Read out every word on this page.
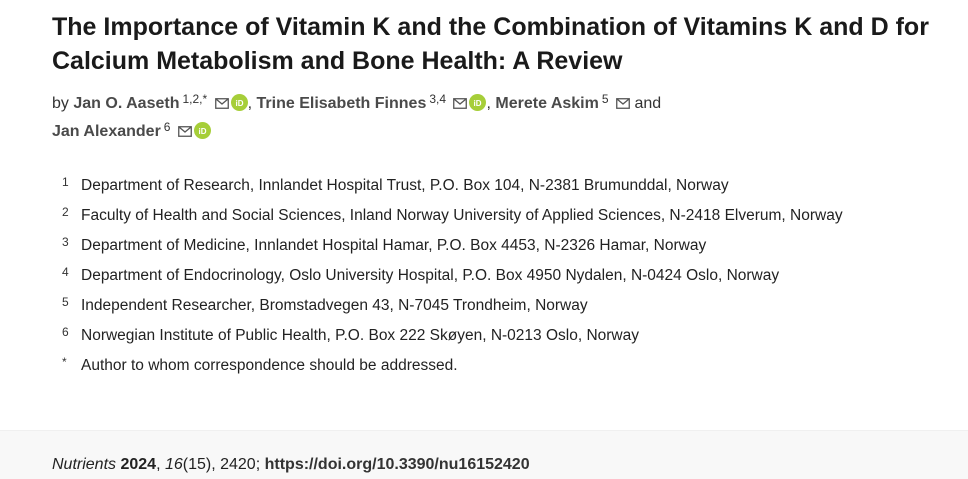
The Importance of Vitamin K and the Combination of Vitamins K and D for Calcium Metabolism and Bone Health: A Review
by Jan O. Aaseth $^{1,2,*}$	iD , Trine Elisabeth Finnes $^{3,4}$	iD , Merete Askim $^5$ and
Jan Alexander $^6$	iD
1 Department of Research, Innlandet Hospital Trust, P.O. Box 104, N-2381 Brumunddal, Norway
2 Faculty of Health and Social Sciences, Inland Norway University of Applied Sciences, N-2418 Elverum, Norway
3 Department of Medicine, Innlandet Hospital Hamar, P.O. Box 4453, N-2326 Hamar, Norway
4 Department of Endocrinology, Oslo University Hospital, P.O. Box 4950 Nydalen, N-0424 Oslo, Norway
5 Independent Researcher, Bromstadvegen 43, N-7045 Trondheim, Norway
6 Norwegian Institute of Public Health, P.O. Box 222 Skøyen, N-0213 Oslo, Norway
* Author to whom correspondence should be addressed.
Nutrients 2024, 16(15), 2420; https://doi.org/10.3390/nu16152420
